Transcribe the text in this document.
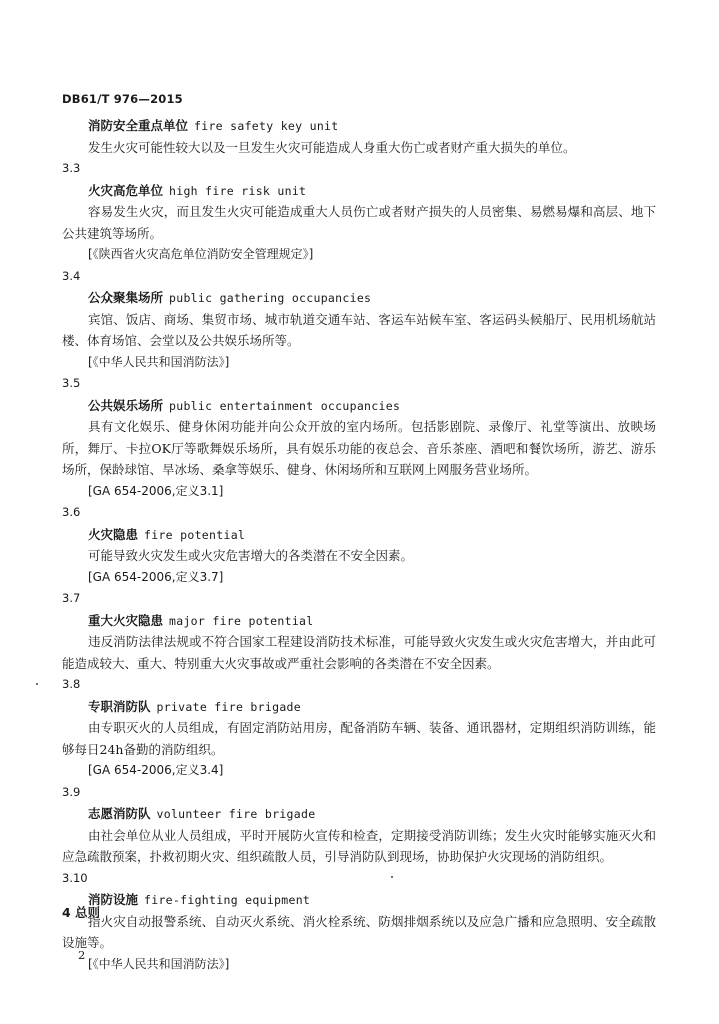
DB61/T 976—2015
消防安全重点单位 fire safety key unit
发生火灾可能性较大以及一旦发生火灾可能造成人身重大伤亡或者财产重大损失的单位。
3.3
火灾高危单位 high fire risk unit
容易发生火灾，而且发生火灾可能造成重大人员伤亡或者财产损失的人员密集、易燃易爆和高层、地下公共建筑等场所。
[《陕西省火灾高危单位消防安全管理规定》]
3.4
公众聚集场所 public gathering occupancies
宾馆、饭店、商场、集贸市场、城市轨道交通车站、客运车站候车室、客运码头候船厅、民用机场航站楼、体育场馆、会堂以及公共娱乐场所等。
[《中华人民共和国消防法》]
3.5
公共娱乐场所 public entertainment occupancies
具有文化娱乐、健身休闲功能并向公众开放的室内场所。包括影剧院、录像厅、礼堂等演出、放映场所，舞厅、卡拉OK厅等歌舞娱乐场所，具有娱乐功能的夜总会、音乐茶座、酒吧和餐饮场所，游艺、游乐场所，保龄球馆、旱冰场、桑拿等娱乐、健身、休闲场所和互联网上网服务营业场所。
[GA 654-2006,定义3.1]
3.6
火灾隐患 fire potential
可能导致火灾发生或火灾危害增大的各类潜在不安全因素。
[GA 654-2006,定义3.7]
3.7
重大火灾隐患 major fire potential
违反消防法律法规或不符合国家工程建设消防技术标准，可能导致火灾发生或火灾危害增大，并由此可能造成较大、重大、特别重大火灾事故或严重社会影响的各类潜在不安全因素。
3.8
专职消防队 private fire brigade
由专职灭火的人员组成，有固定消防站用房，配备消防车辆、装备、通讯器材，定期组织消防训练，能够每日24h备勤的消防组织。
[GA 654-2006,定义3.4]
3.9
志愿消防队 volunteer fire brigade
由社会单位从业人员组成，平时开展防火宣传和检查，定期接受消防训练；发生火灾时能够实施灭火和应急疏散预案，扑救初期火灾、组织疏散人员，引导消防队到现场，协助保护火灾现场的消防组织。
3.10
消防设施 fire-fighting equipment
指火灾自动报警系统、自动灭火系统、消火栓系统、防烟排烟系统以及应急广播和应急照明、安全疏散设施等。
[《中华人民共和国消防法》]
4 总则
2
